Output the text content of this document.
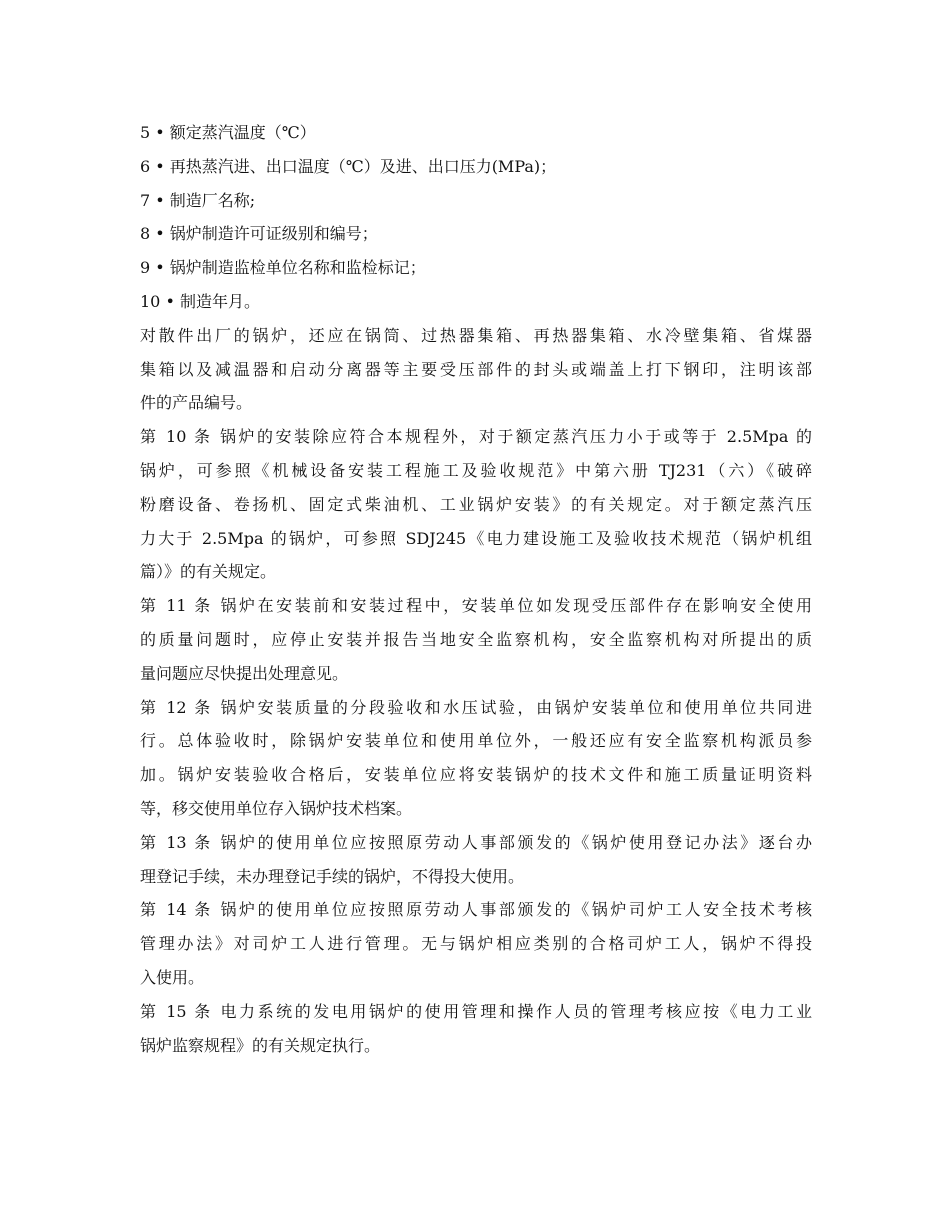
5 • 额定蒸汽温度（℃）
6 • 再热蒸汽进、出口温度（℃）及进、出口压力(MPa)；
7 • 制造厂名称;
8 • 锅炉制造许可证级别和编号；
9 • 锅炉制造监检单位名称和监检标记；
10 • 制造年月。
对散件出厂的锅炉，还应在锅筒、过热器集箱、再热器集箱、水冷壁集箱、省煤器
集箱以及减温器和启动分离器等主要受压部件的封头或端盖上打下钢印，注明该部
件的产品编号。
第 10 条 锅炉的安装除应符合本规程外，对于额定蒸汽压力小于或等于 2.5Mpa 的
锅炉，可参照《机械设备安装工程施工及验收规范》中第六册 TJ231（六）《破碎
粉磨设备、卷扬机、固定式柴油机、工业锅炉安装》的有关规定。对于额定蒸汽压
力大于 2.5Mpa 的锅炉，可参照 SDJ245《电力建设施工及验收技术规范（锅炉机组
篇）》的有关规定。
第 11 条 锅炉在安装前和安装过程中，安装单位如发现受压部件存在影响安全使用
的质量问题时，应停止安装并报告当地安全监察机构，安全监察机构对所提出的质
量问题应尽快提出处理意见。
第 12 条 锅炉安装质量的分段验收和水压试验，由锅炉安装单位和使用单位共同进
行。总体验收时，除锅炉安装单位和使用单位外，一般还应有安全监察机构派员参
加。锅炉安装验收合格后，安装单位应将安装锅炉的技术文件和施工质量证明资料
等，移交使用单位存入锅炉技术档案。
第 13 条 锅炉的使用单位应按照原劳动人事部颁发的《锅炉使用登记办法》逐台办
理登记手续，未办理登记手续的锅炉，不得投大使用。
第 14 条 锅炉的使用单位应按照原劳动人事部颁发的《锅炉司炉工人安全技术考核
管理办法》对司炉工人进行管理。无与锅炉相应类别的合格司炉工人，锅炉不得投
入使用。
第 15 条 电力系统的发电用锅炉的使用管理和操作人员的管理考核应按《电力工业
锅炉监察规程》的有关规定执行。
